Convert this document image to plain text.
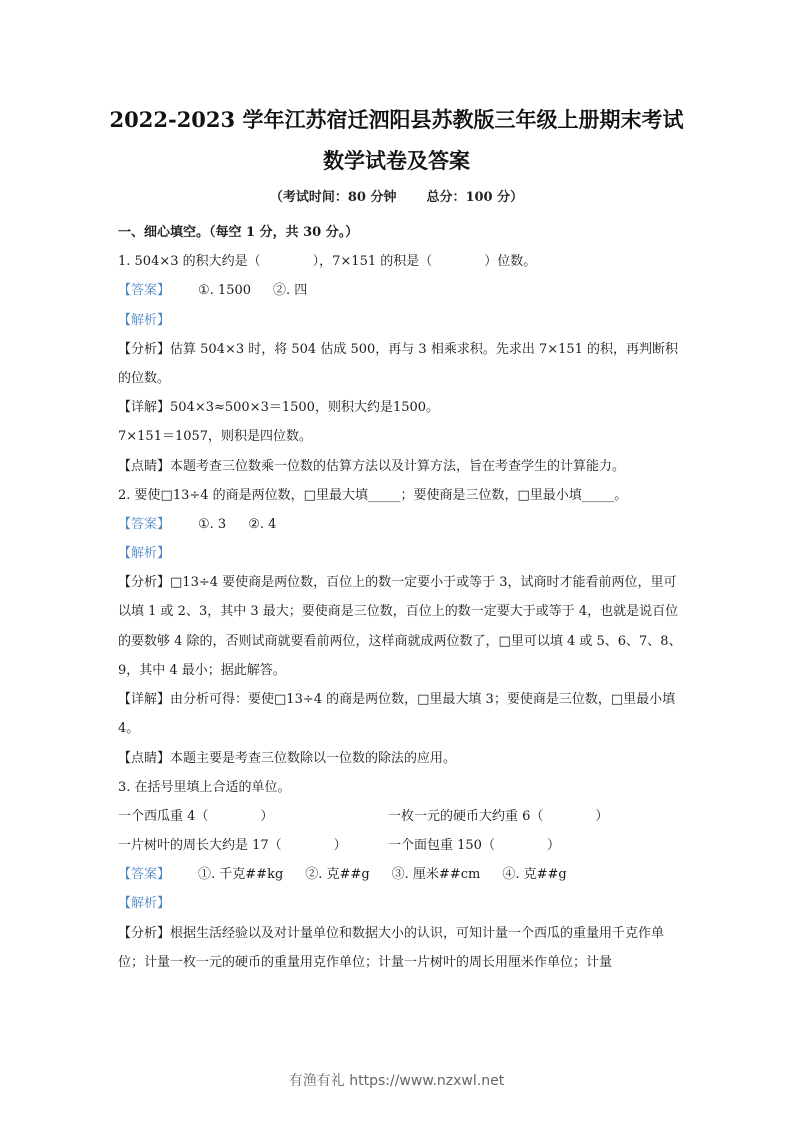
2022-2023 学年江苏宿迁泗阳县苏教版三年级上册期末考试
数学试卷及答案
（考试时间：80 分钟 总分：100 分）
一、细心填空。（每空 1 分，共 30 分。）
1. 504×3 的积大约是（　　　　），7×151 的积是（　　　　）位数。
【答案】 ①. 1500 ②. 四
【解析】
【分析】估算 504×3 时，将 504 估成 500，再与 3 相乘求积。先求出 7×151 的积，再判断积的位数。
【详解】504×3≈500×3＝1500，则积大约是1500。
7×151＝1057，则积是四位数。
【点睛】本题考查三位数乘一位数的估算方法以及计算方法，旨在考查学生的计算能力。
2. 要使□13÷4 的商是两位数，□里最大填_____；要使商是三位数，□里最小填_____。
【答案】 ①. 3 ②. 4
【解析】
【分析】□13÷4 要使商是两位数，百位上的数一定要小于或等于 3，试商时才能看前两位，里可以填 1 或 2、3，其中 3 最大；要使商是三位数，百位上的数一定要大于或等于 4，也就是说百位的要数够 4 除的，否则试商就要看前两位，这样商就成两位数了，□里可以填 4 或 5、6、7、8、9，其中 4 最小；据此解答。
【详解】由分析可得：要使□13÷4 的商是两位数，□里最大填 3；要使商是三位数，□里最小填 4。
【点睛】本题主要是考查三位数除以一位数的除法的应用。
3. 在括号里填上合适的单位。
一个西瓜重 4（　　　　）	一枚一元的硬币大约重 6（　　　　）
一片树叶的周长大约是 17（　　　　）	一个面包重 150（　　　　）
【答案】 ①. 千克##kg ②. 克##g ③. 厘米##cm ④. 克##g
【解析】
【分析】根据生活经验以及对计量单位和数据大小的认识，可知计量一个西瓜的重量用千克作单位；计量一枚一元的硬币的重量用克作单位；计量一片树叶的周长用厘米作单位；计量
有渔有礼 https://www.nzxwl.net
